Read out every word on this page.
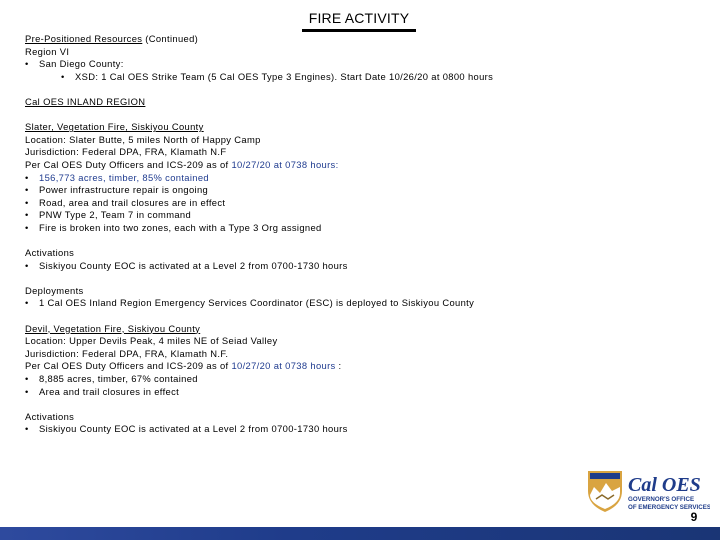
FIRE ACTIVITY
Pre-Positioned Resources (Continued)
Region VI
• San Diego County:
• XSD: 1 Cal OES Strike Team (5 Cal OES Type 3 Engines). Start Date 10/26/20 at 0800 hours
Cal OES INLAND REGION
Slater, Vegetation Fire, Siskiyou County
Location: Slater Butte, 5 miles North of Happy Camp
Jurisdiction: Federal DPA, FRA, Klamath N.F
Per Cal OES Duty Officers and ICS-209 as of 10/27/20 at 0738 hours:
• 156,773 acres, timber, 85% contained
• Power infrastructure repair is ongoing
• Road, area and trail closures are in effect
• PNW Type 2, Team 7 in command
• Fire is broken into two zones, each with a Type 3 Org assigned
Activations
• Siskiyou County EOC is activated at a Level 2 from 0700-1730 hours
Deployments
• 1 Cal OES Inland Region Emergency Services Coordinator (ESC) is deployed to Siskiyou County
Devil, Vegetation Fire, Siskiyou County
Location: Upper Devils Peak, 4 miles NE of Seiad Valley
Jurisdiction: Federal DPA, FRA, Klamath N.F.
Per Cal OES Duty Officers and ICS-209 as of 10/27/20 at 0738 hours :
• 8,885 acres, timber, 67% contained
• Area and trail closures in effect
Activations
• Siskiyou County EOC is activated at a Level 2 from 0700-1730 hours
Cal OES
GOVERNOR'S OFFICE
OF EMERGENCY SERVICES
9
